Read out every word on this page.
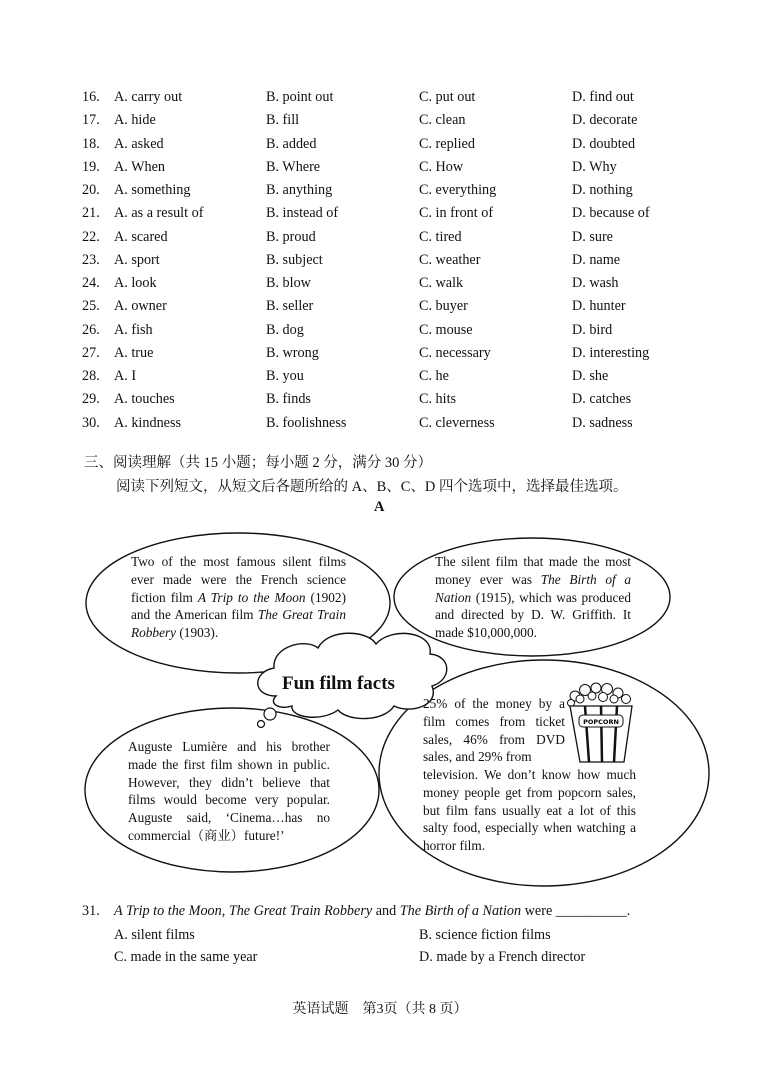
16. A. carry out	B. point out	C. put out	D. find out
17. A. hide	B. fill	C. clean	D. decorate
18. A. asked	B. added	C. replied	D. doubted
19. A. When	B. Where	C. How	D. Why
20. A. something	B. anything	C. everything	D. nothing
21. A. as a result of	B. instead of	C. in front of	D. because of
22. A. scared	B. proud	C. tired	D. sure
23. A. sport	B. subject	C. weather	D. name
24. A. look	B. blow	C. walk	D. wash
25. A. owner	B. seller	C. buyer	D. hunter
26. A. fish	B. dog	C. mouse	D. bird
27. A. true	B. wrong	C. necessary	D. interesting
28. A. I	B. you	C. he	D. she
29. A. touches	B. finds	C. hits	D. catches
30. A. kindness	B. foolishness	C. cleverness	D. sadness
三、阅读理解（共 15 小题；每小题 2 分，满分 30 分）
阅读下列短文，从短文后各题所给的 A、B、C、D 四个选项中，选择最佳选项。
A
POPCORN
Two of the most famous silent films ever made were the French science fiction film A Trip to the Moon (1902) and the American film The Great Train Robbery (1903).
The silent film that made the most money ever was The Birth of a Nation (1915), which was produced and directed by D. W. Griffith. It made $10,000,000.
Fun film facts
Auguste Lumière and his brother made the first film shown in public. However, they didn’t believe that films would become very popular. Auguste said, ‘Cinema…has no commercial（商业）future!’
25% of the money by a film comes from ticket sales, 46% from DVD sales, and 29% from
television. We don’t know how much money people get from popcorn sales, but film fans usually eat a lot of this salty food, especially when watching a horror film.
31. A Trip to the Moon, The Great Train Robbery and The Birth of a Nation were __________.
A. silent films	B. science fiction films
C. made in the same year	D. made by a French director
英语试题　第3页（共 8 页）
